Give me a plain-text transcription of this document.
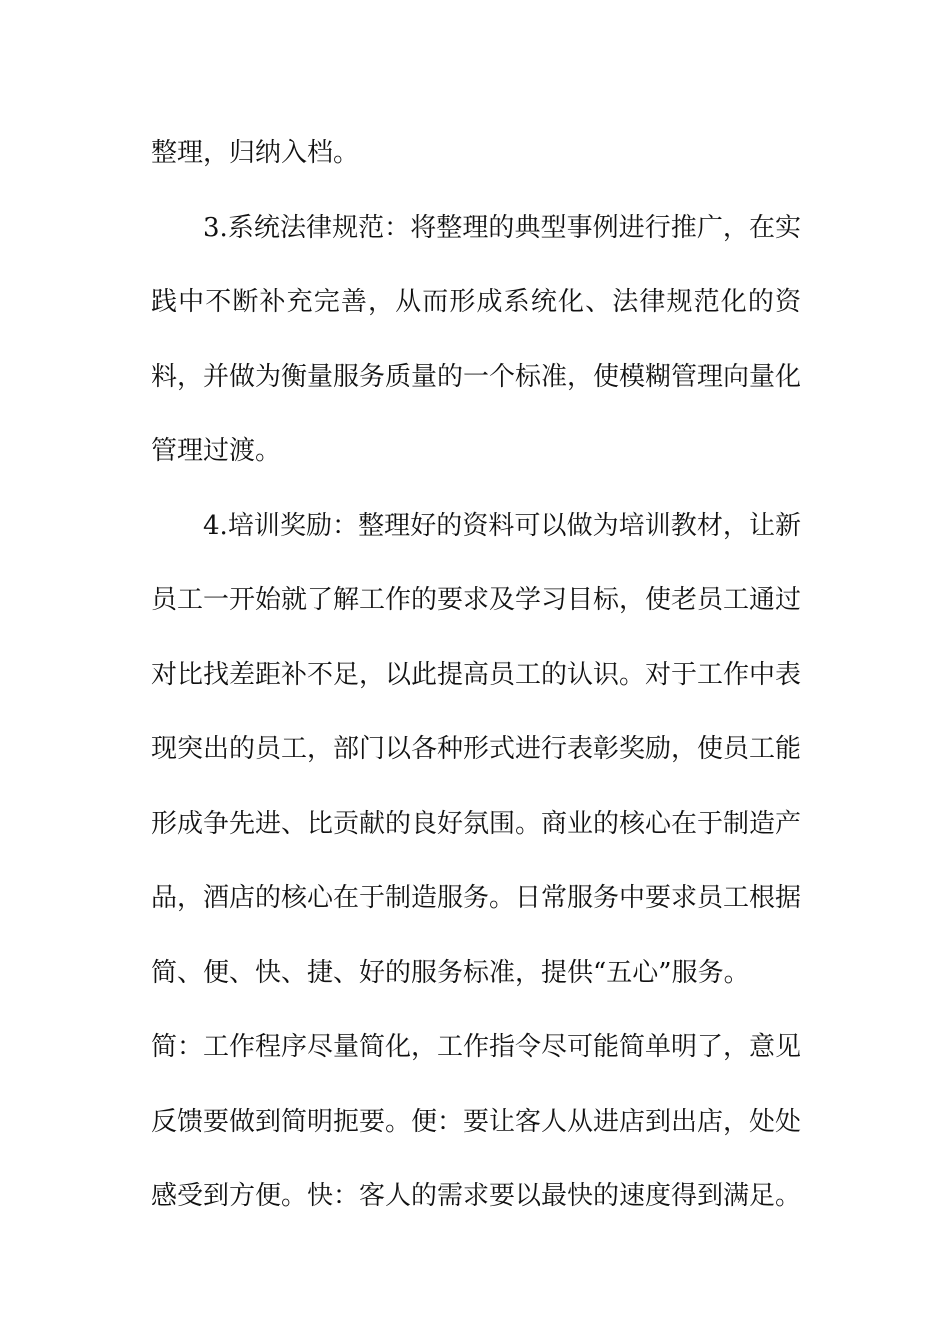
整理，归纳入档。
3.系统法律规范：将整理的典型事例进行推广，在实
践中不断补充完善，从而形成系统化、法律规范化的资
料，并做为衡量服务质量的一个标准，使模糊管理向量化
管理过渡。
4.培训奖励：整理好的资料可以做为培训教材，让新
员工一开始就了解工作的要求及学习目标，使老员工通过
对比找差距补不足，以此提高员工的认识。对于工作中表
现突出的员工，部门以各种形式进行表彰奖励，使员工能
形成争先进、比贡献的良好氛围。商业的核心在于制造产
品，酒店的核心在于制造服务。日常服务中要求员工根据
简、便、快、捷、好的服务标准，提供“五心”服务。
简：工作程序尽量简化，工作指令尽可能简单明了，意见
反馈要做到简明扼要。便：要让客人从进店到出店，处处
感受到方便。快：客人的需求要以最快的速度得到满足。
